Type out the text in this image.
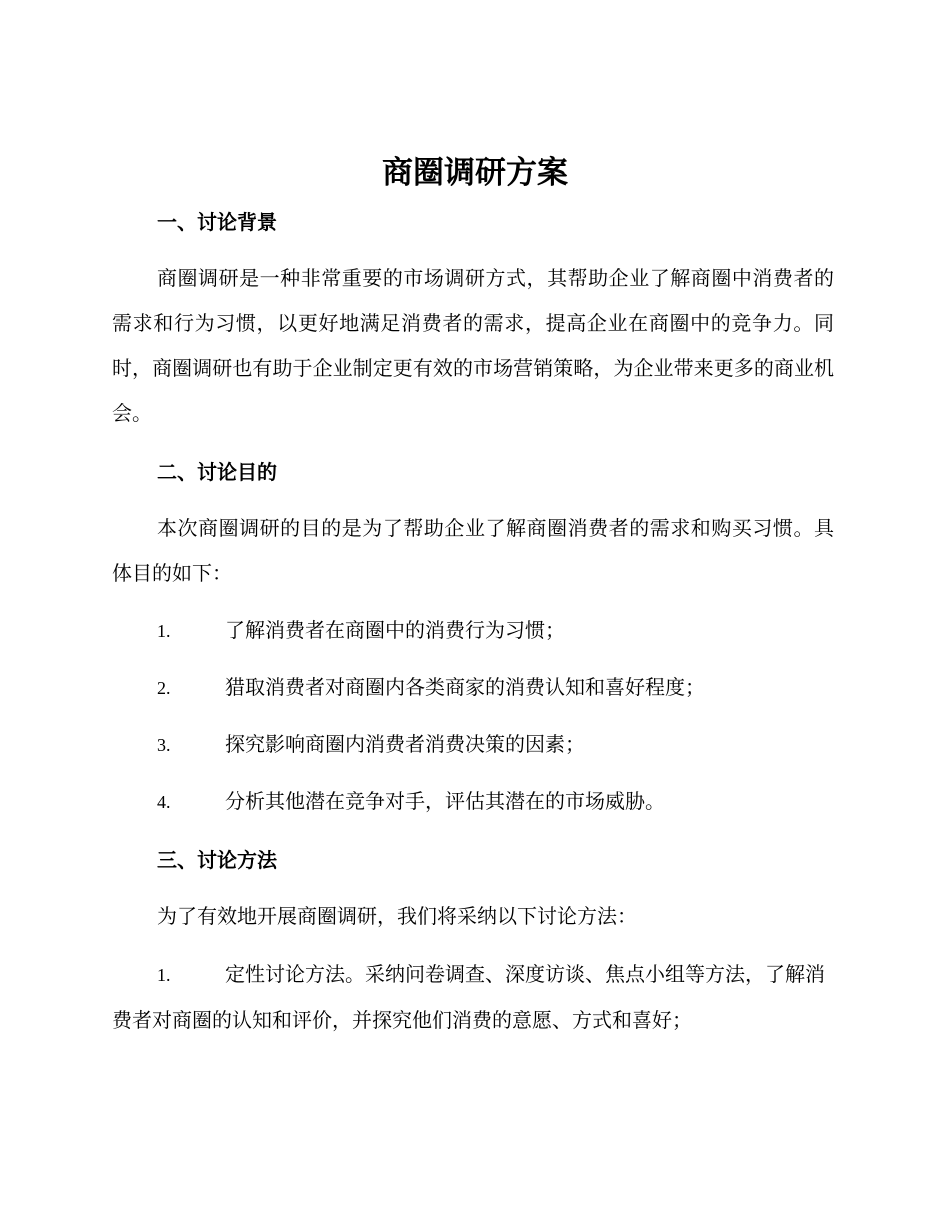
商圈调研方案
一、讨论背景

商圈调研是一种非常重要的市场调研方式，其帮助企业了解商圈中消费者的需求和行为习惯，以更好地满足消费者的需求，提高企业在商圈中的竞争力。同时，商圈调研也有助于企业制定更有效的市场营销策略，为企业带来更多的商业机会。

二、讨论目的

本次商圈调研的目的是为了帮助企业了解商圈消费者的需求和购买习惯。具体目的如下：

1.	了解消费者在商圈中的消费行为习惯；
2.	猎取消费者对商圈内各类商家的消费认知和喜好程度；
3.	探究影响商圈内消费者消费决策的因素；
4.	分析其他潜在竞争对手，评估其潜在的市场威胁。
三、讨论方法

为了有效地开展商圈调研，我们将采纳以下讨论方法：

1.	定性讨论方法。采纳问卷调查、深度访谈、焦点小组等方法，了解消费者对商圈的认知和评价，并探究他们消费的意愿、方式和喜好；
